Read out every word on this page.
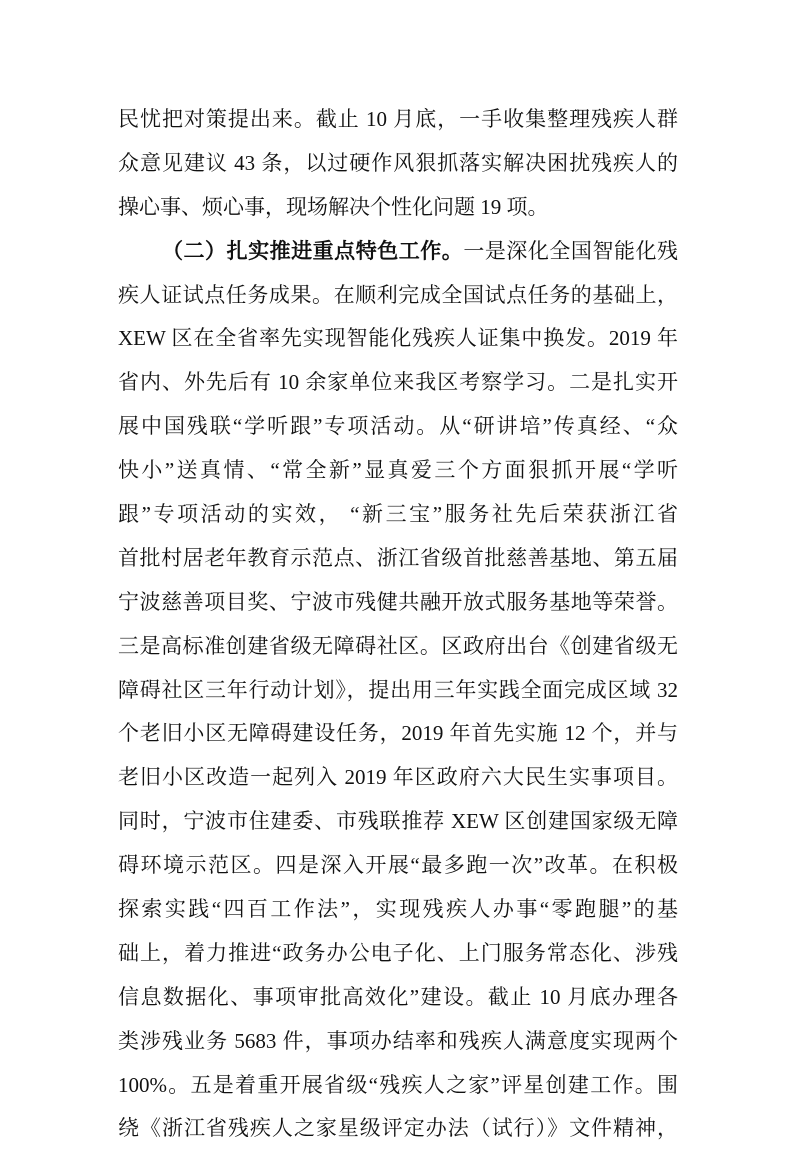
民忧把对策提出来。截止 10 月底，一手收集整理残疾人群
众意见建议 43 条，以过硬作风狠抓落实解决困扰残疾人的
操心事、烦心事，现场解决个性化问题 19 项。
（二）扎实推进重点特色工作。一是深化全国智能化残
疾人证试点任务成果。在顺利完成全国试点任务的基础上，
XEW 区在全省率先实现智能化残疾人证集中换发。2019 年
省内、外先后有 10 余家单位来我区考察学习。二是扎实开
展中国残联“学听跟”专项活动。从“研讲培”传真经、“众
快小”送真情、“常全新”显真爱三个方面狠抓开展“学听
跟”专项活动的实效， “新三宝”服务社先后荣获浙江省
首批村居老年教育示范点、浙江省级首批慈善基地、第五届
宁波慈善项目奖、宁波市残健共融开放式服务基地等荣誉。
三是高标准创建省级无障碍社区。区政府出台《创建省级无
障碍社区三年行动计划》，提出用三年实践全面完成区域 32
个老旧小区无障碍建设任务，2019 年首先实施 12 个，并与
老旧小区改造一起列入 2019 年区政府六大民生实事项目。
同时，宁波市住建委、市残联推荐 XEW 区创建国家级无障
碍环境示范区。四是深入开展“最多跑一次”改革。在积极
探索实践“四百工作法”，实现残疾人办事“零跑腿”的基
础上，着力推进“政务办公电子化、上门服务常态化、涉残
信息数据化、事项审批高效化”建设。截止 10 月底办理各
类涉残业务 5683 件，事项办结率和残疾人满意度实现两个
100%。五是着重开展省级“残疾人之家”评星创建工作。围
绕《浙江省残疾人之家星级评定办法（试行）》文件精神，
